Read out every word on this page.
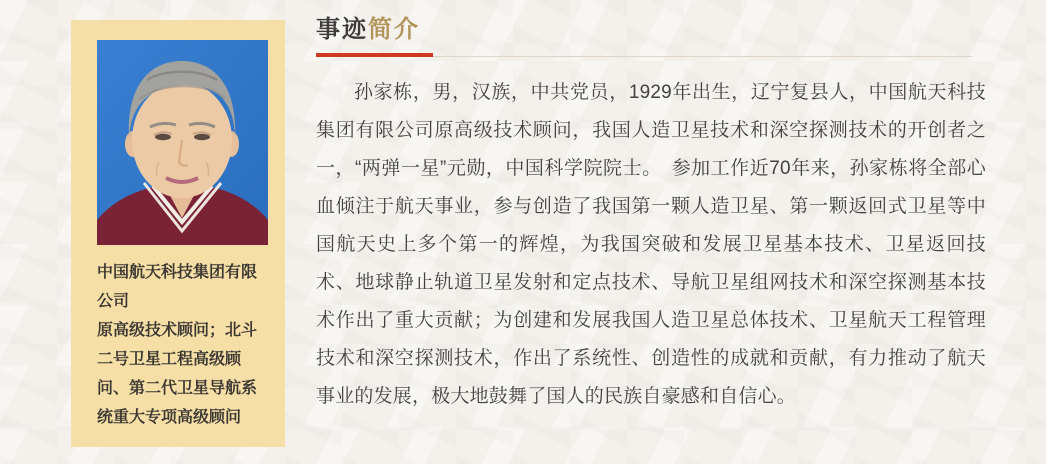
中国航天科技集团有限公司
原高级技术顾问；北斗二号卫星工程高级顾问、第二代卫星导航系统重大专项高级顾问
事迹简介

孙家栋，男，汉族，中共党员，1929年出生，辽宁复县人，中国航天科技集团有限公司原高级技术顾问，我国人造卫星技术和深空探测技术的开创者之一，“两弹一星”元勋，中国科学院院士。　参加工作近70年来，孙家栋将全部心血倾注于航天事业，参与创造了我国第一颗人造卫星、第一颗返回式卫星等中国航天史上多个第一的辉煌，为我国突破和发展卫星基本技术、卫星返回技术、地球静止轨道卫星发射和定点技术、导航卫星组网技术和深空探测基本技术作出了重大贡献；为创建和发展我国人造卫星总体技术、卫星航天工程管理技术和深空探测技术，作出了系统性、创造性的成就和贡献，有力推动了航天事业的发展，极大地鼓舞了国人的民族自豪感和自信心。
